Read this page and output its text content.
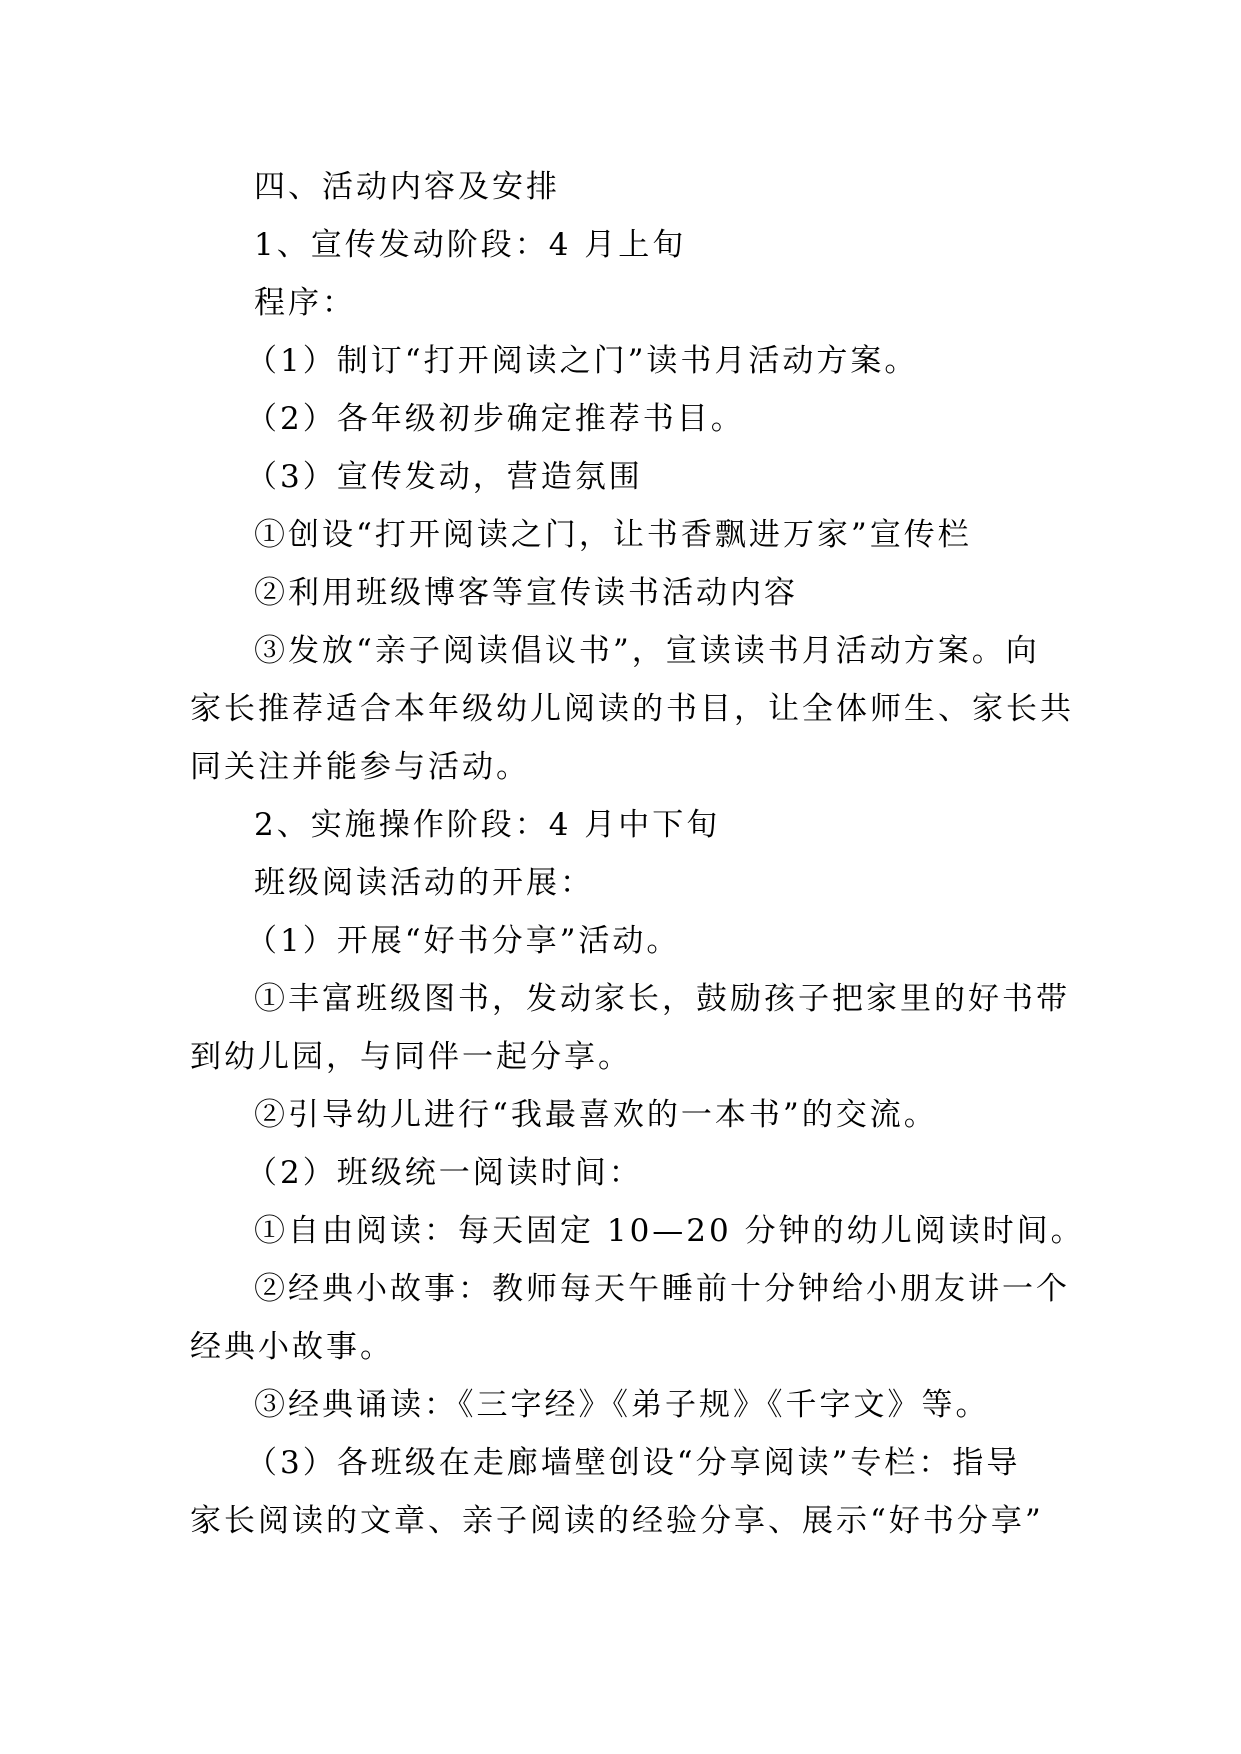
四、活动内容及安排

1、宣传发动阶段：4 月上旬

程序：

（1）制订“打开阅读之门”读书月活动方案。

（2）各年级初步确定推荐书目。

（3）宣传发动，营造氛围

①创设“打开阅读之门，让书香飘进万家”宣传栏

②利用班级博客等宣传读书活动内容

③发放“亲子阅读倡议书”，宣读读书月活动方案。向

家长推荐适合本年级幼儿阅读的书目，让全体师生、家长共

同关注并能参与活动。

2、实施操作阶段：4 月中下旬

班级阅读活动的开展：

（1）开展“好书分享”活动。

①丰富班级图书，发动家长，鼓励孩子把家里的好书带

到幼儿园，与同伴一起分享。

②引导幼儿进行“我最喜欢的一本书”的交流。

（2）班级统一阅读时间：

①自由阅读：每天固定 10—20 分钟的幼儿阅读时间。

②经典小故事：教师每天午睡前十分钟给小朋友讲一个

经典小故事。

③经典诵读：《三字经》《弟子规》《千字文》等。

（3）各班级在走廊墙壁创设“分享阅读”专栏：指导

家长阅读的文章、亲子阅读的经验分享、展示“好书分享”
